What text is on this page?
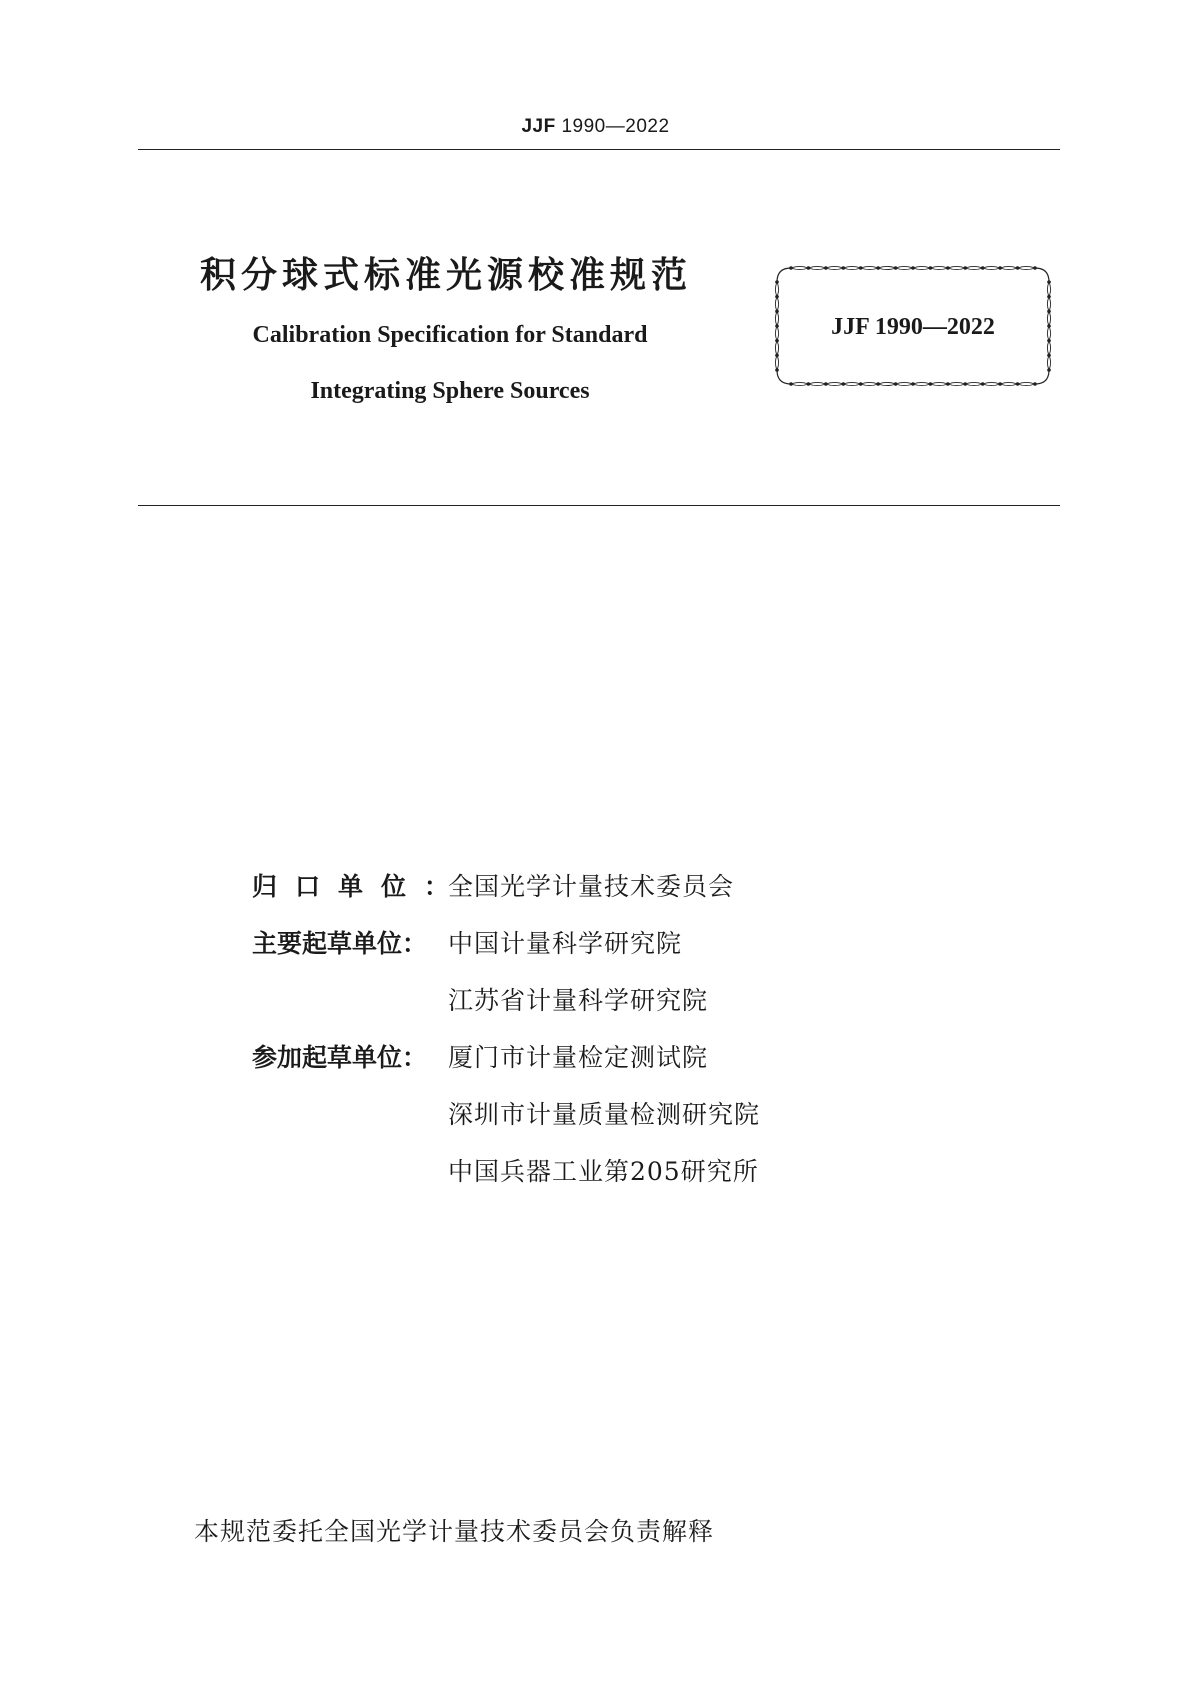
JJF 1990—2022
积分球式标准光源校准规范
Calibration Specification for Standard
Integrating Sphere Sources
JJF 1990—2022
归口单位：
全国光学计量技术委员会
主要起草单位： 中国计量科学研究院
江苏省计量科学研究院
参加起草单位： 厦门市计量检定测试院
深圳市计量质量检测研究院
中国兵器工业第205研究所
本规范委托全国光学计量技术委员会负责解释
